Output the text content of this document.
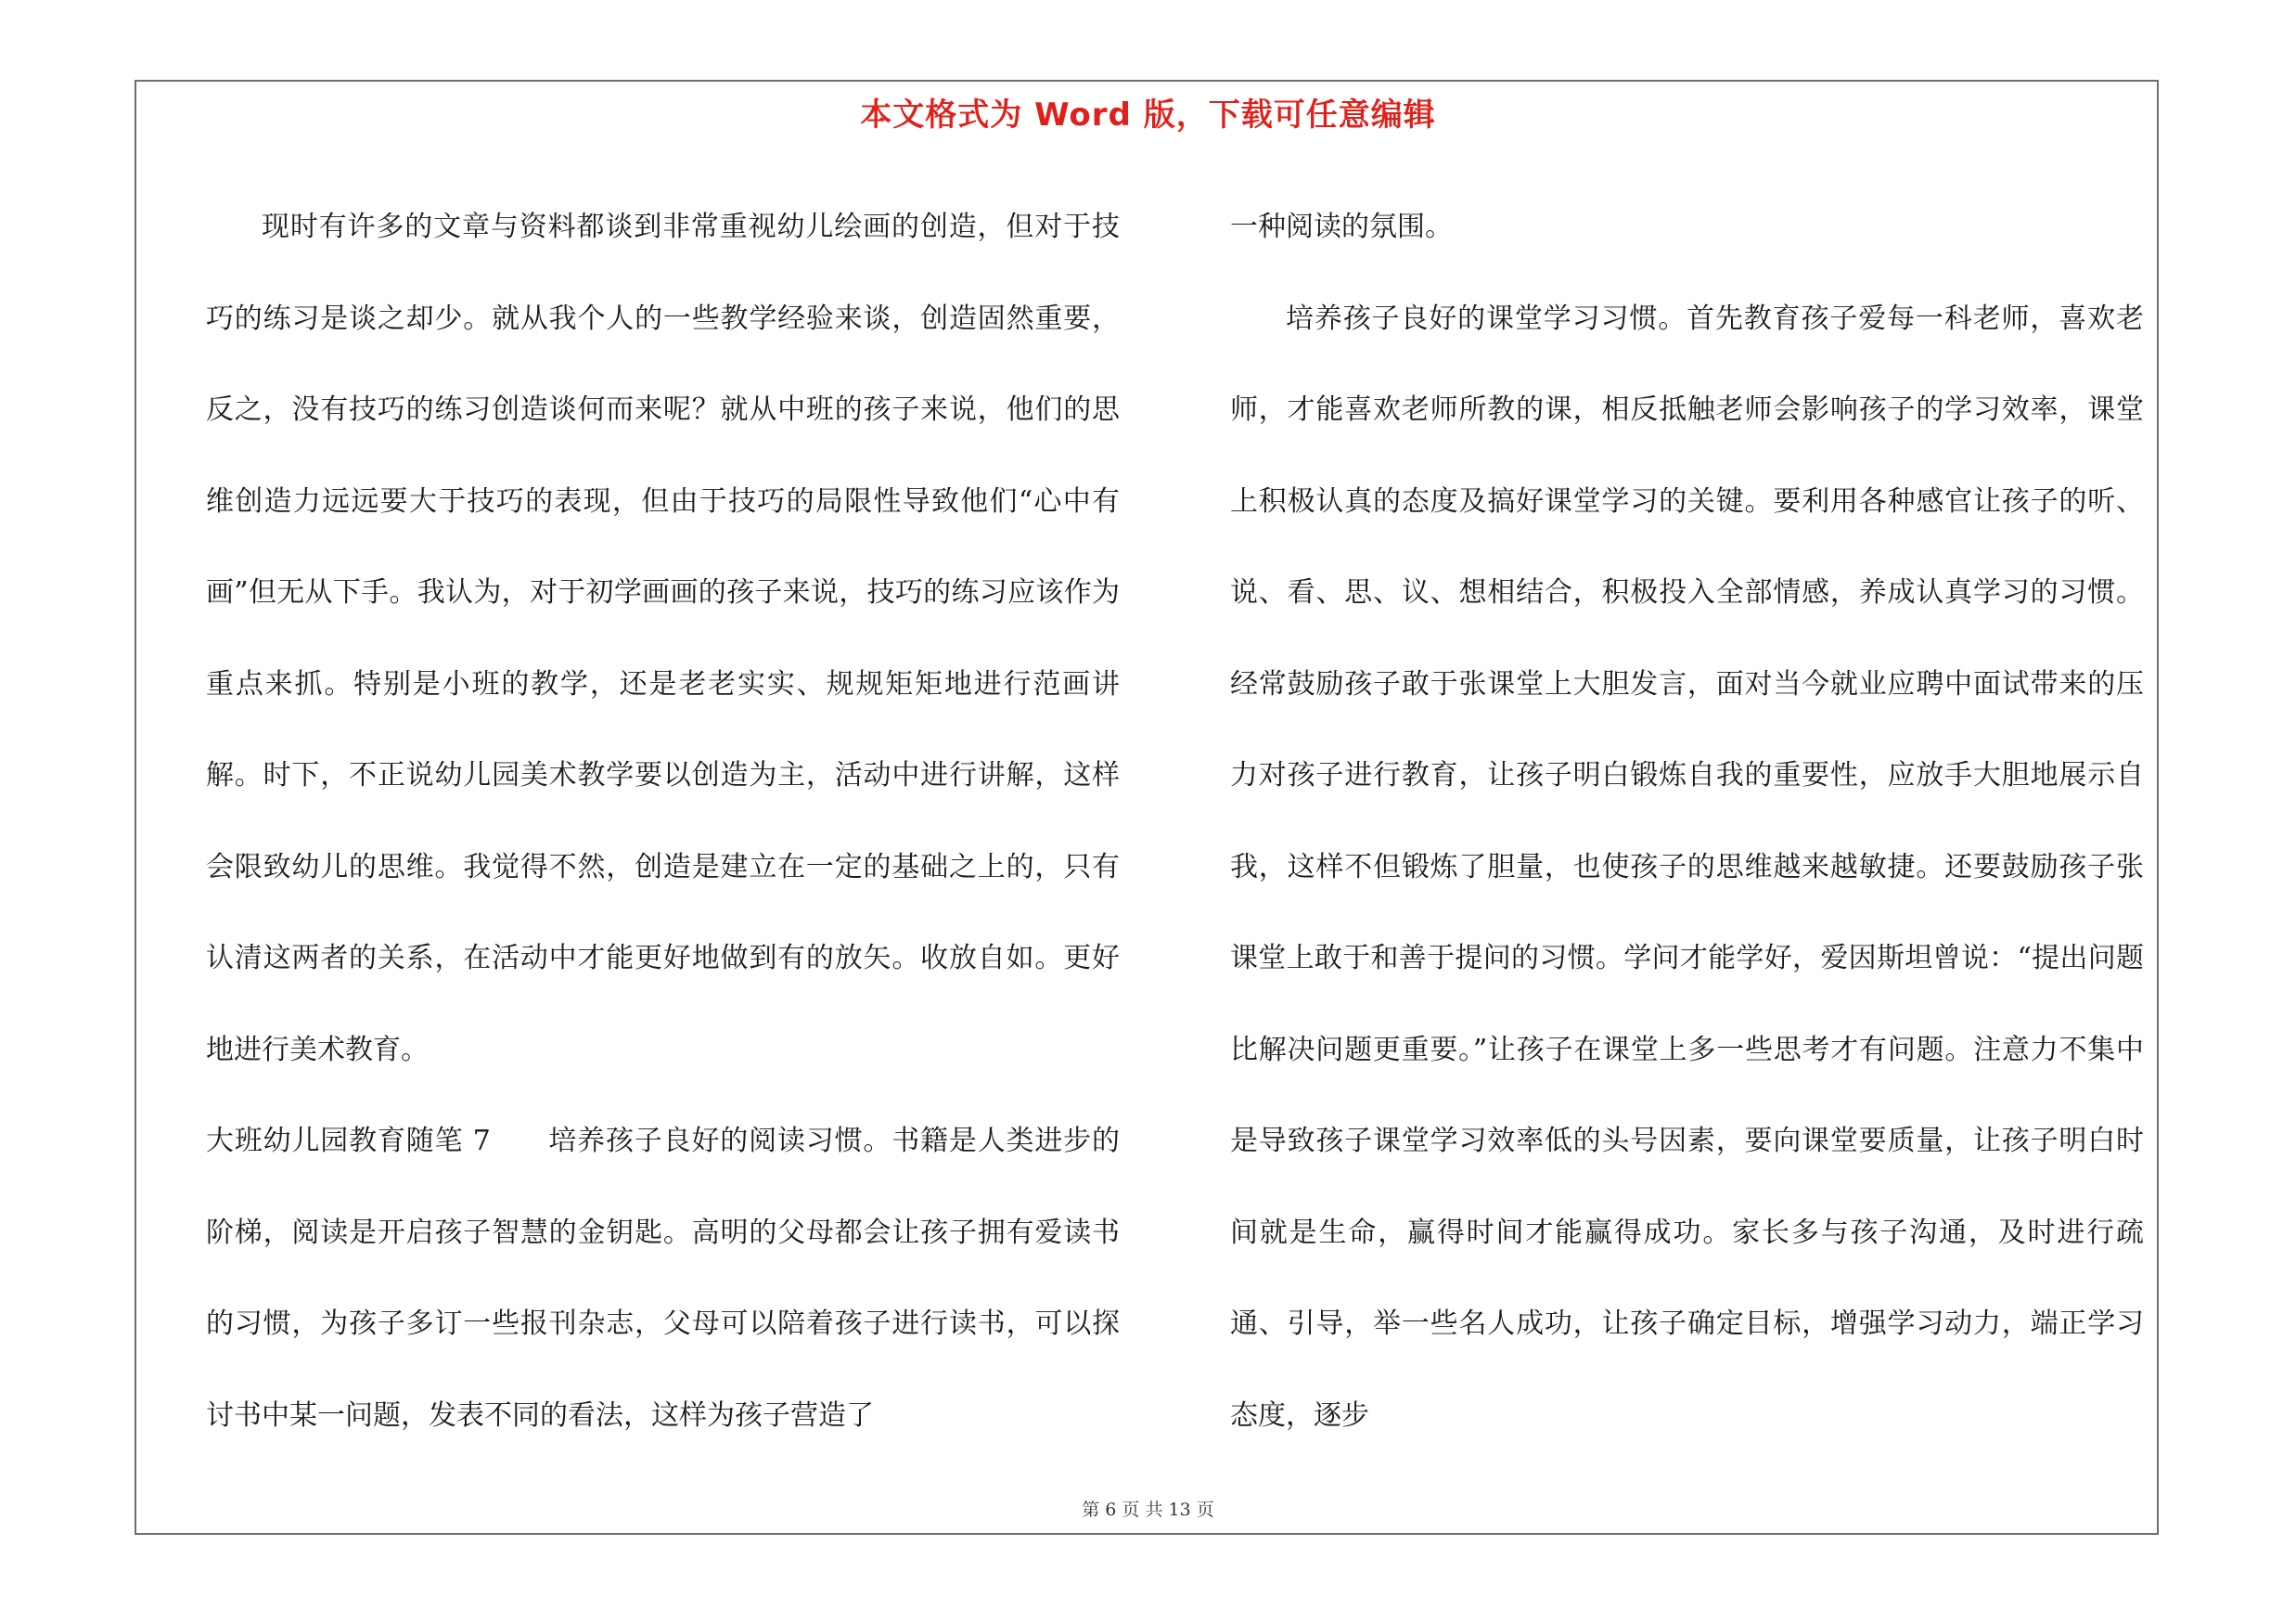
本文格式为 Word 版，下载可任意编辑

现时有许多的文章与资料都谈到非常重视幼儿绘画的创造，但对于技巧的练习是谈之却少。就从我个人的一些教学经验来谈，创造固然重要，反之，没有技巧的练习创造谈何而来呢？就从中班的孩子来说，他们的思维创造力远远要大于技巧的表现，但由于技巧的局限性导致他们“心中有画”但无从下手。我认为，对于初学画画的孩子来说，技巧的练习应该作为重点来抓。特别是小班的教学，还是老老实实、规规矩矩地进行范画讲解。时下，不正说幼儿园美术教学要以创造为主，活动中进行讲解，这样会限致幼儿的思维。我觉得不然，创造是建立在一定的基础之上的，只有认清这两者的关系，在活动中才能更好地做到有的放矢。收放自如。更好地进行美术教育。

大班幼儿园教育随笔 7　　培养孩子良好的阅读习惯。书籍是人类进步的阶梯，阅读是开启孩子智慧的金钥匙。高明的父母都会让孩子拥有爱读书的习惯，为孩子多订一些报刊杂志，父母可以陪着孩子进行读书，可以探讨书中某一问题，发表不同的看法，这样为孩子营造了

一种阅读的氛围。

培养孩子良好的课堂学习习惯。首先教育孩子爱每一科老师，喜欢老师，才能喜欢老师所教的课，相反抵触老师会影响孩子的学习效率，课堂上积极认真的态度及搞好课堂学习的关键。要利用各种感官让孩子的听、说、看、思、议、想相结合，积极投入全部情感，养成认真学习的习惯。经常鼓励孩子敢于张课堂上大胆发言，面对当今就业应聘中面试带来的压力对孩子进行教育，让孩子明白锻炼自我的重要性，应放手大胆地展示自我，这样不但锻炼了胆量，也使孩子的思维越来越敏捷。还要鼓励孩子张课堂上敢于和善于提问的习惯。学问才能学好，爱因斯坦曾说：“提出问题比解决问题更重要。”让孩子在课堂上多一些思考才有问题。注意力不集中是导致孩子课堂学习效率低的头号因素，要向课堂要质量，让孩子明白时间就是生命，赢得时间才能赢得成功。家长多与孩子沟通，及时进行疏通、引导，举一些名人成功，让孩子确定目标，增强学习动力，端正学习态度，逐步

第 6 页 共 13 页
